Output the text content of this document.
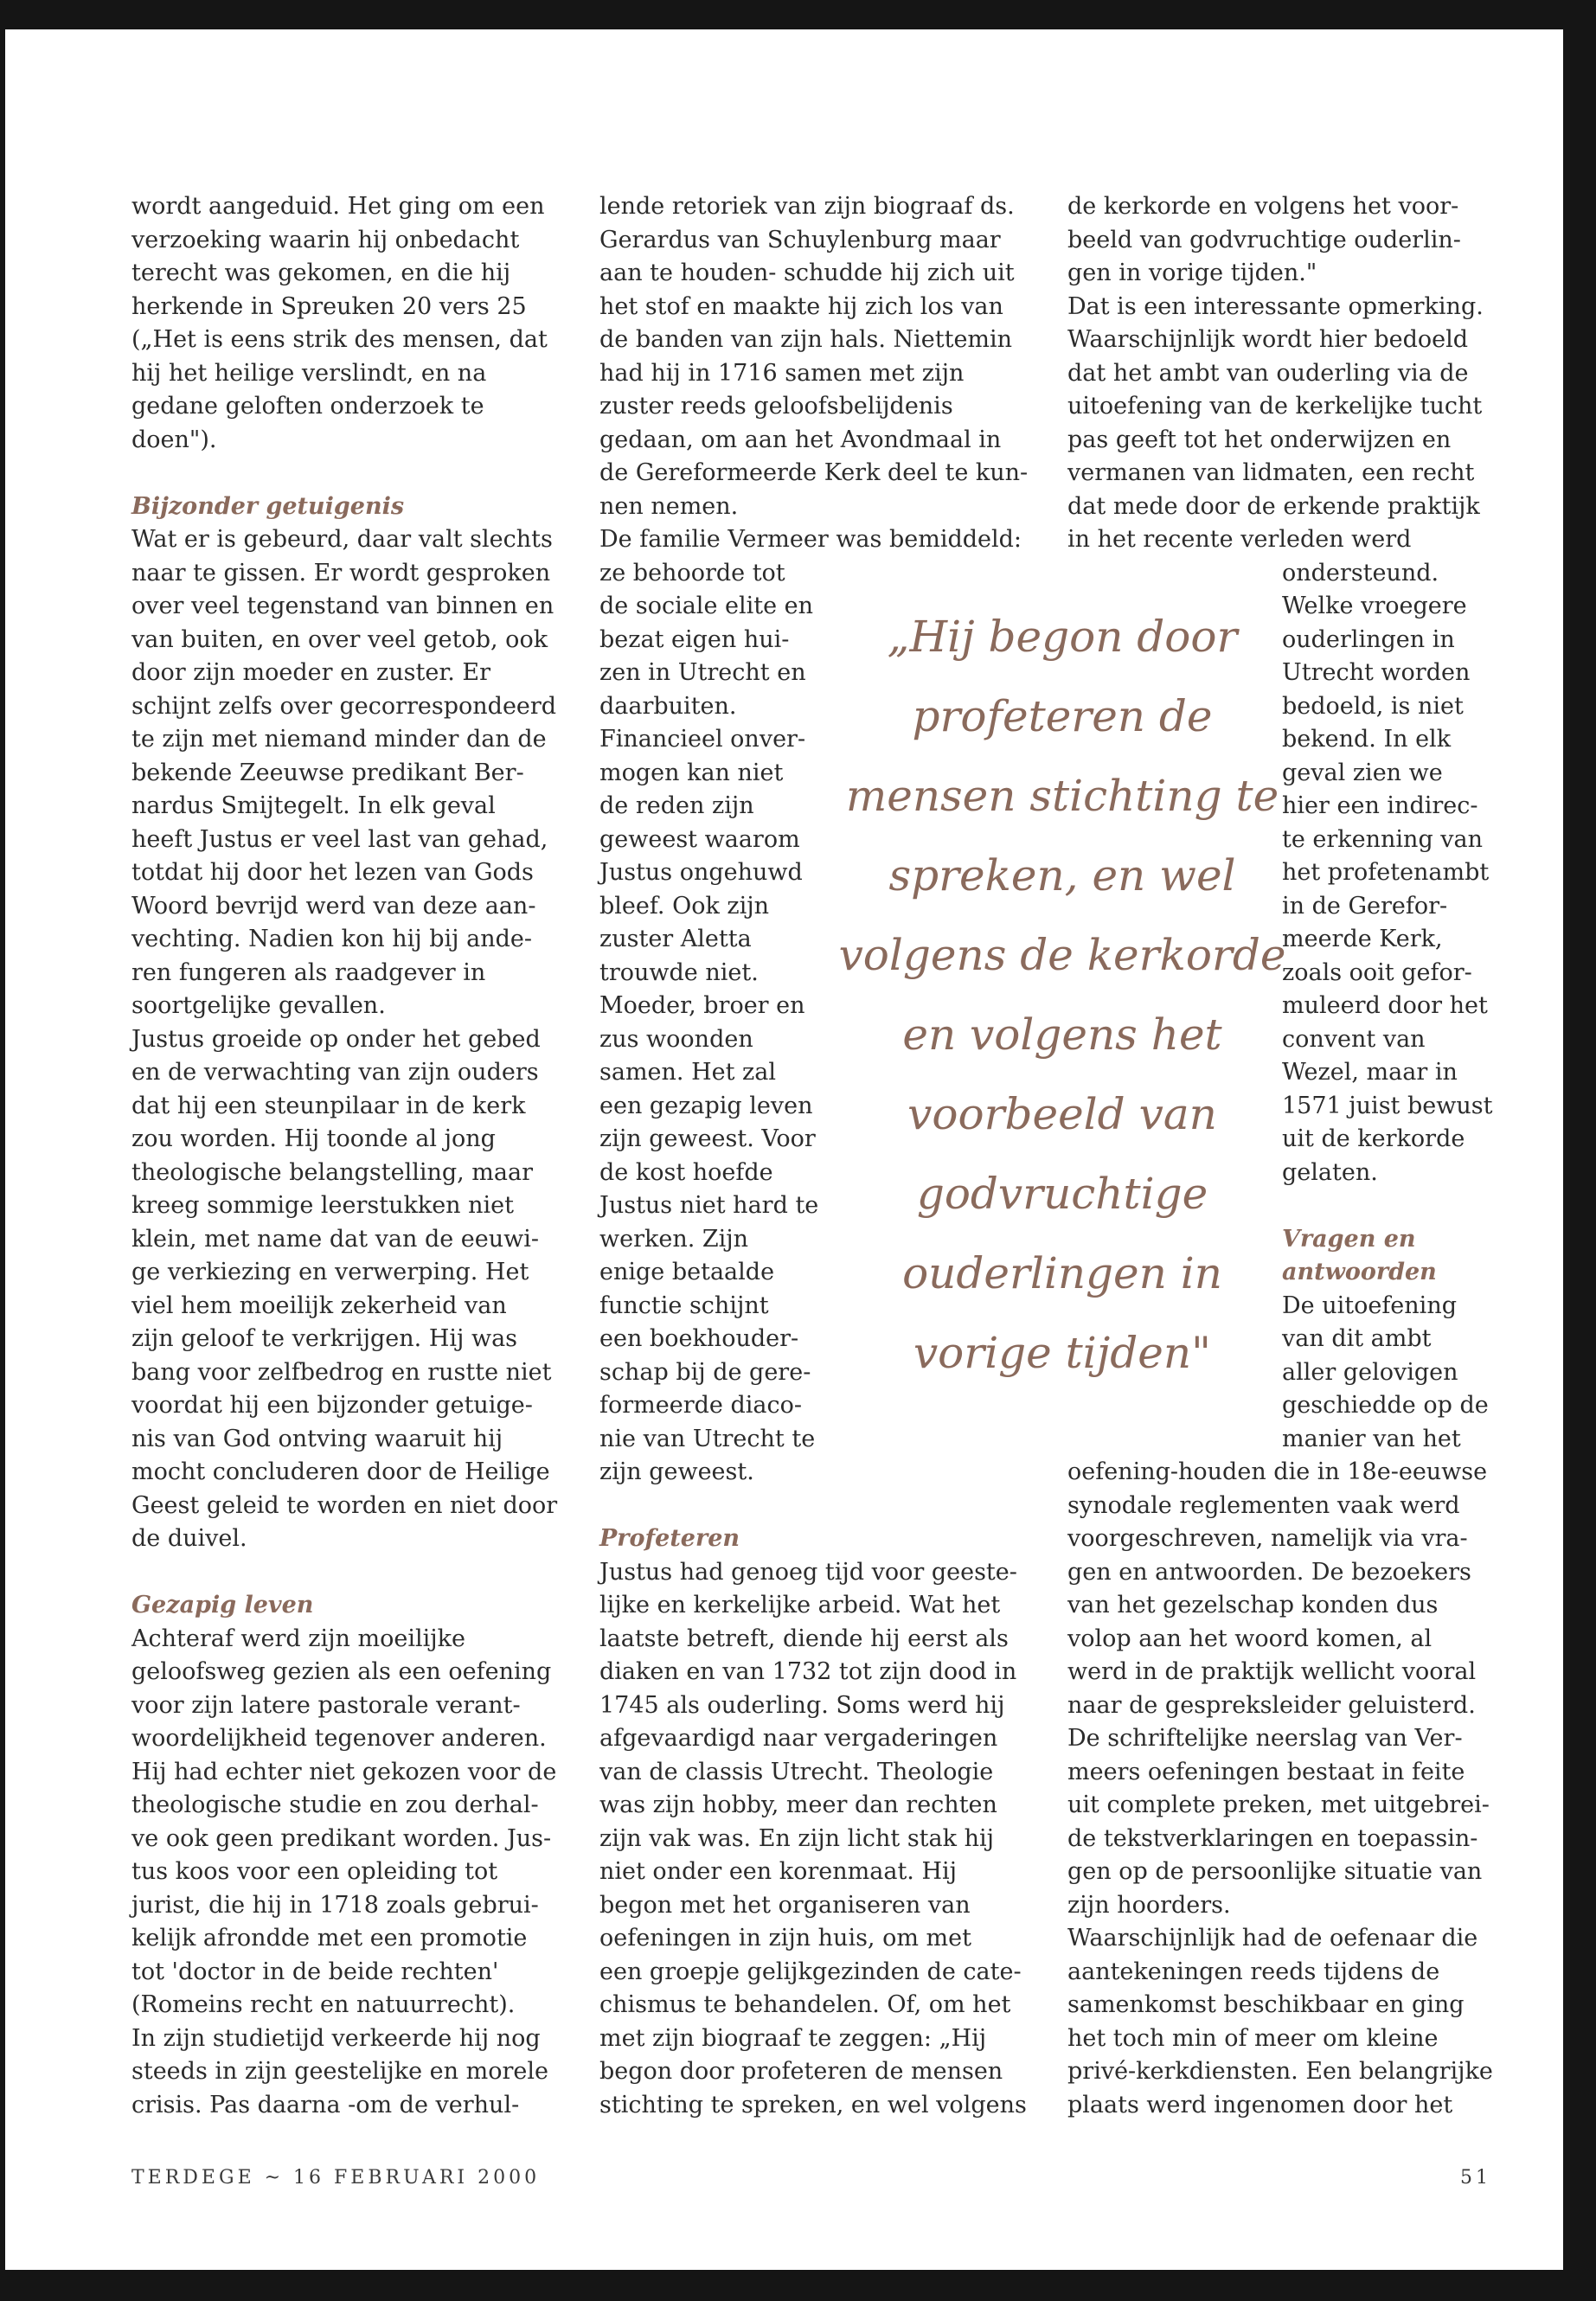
wordt aangeduid. Het ging om een
verzoeking waarin hij onbedacht
terecht was gekomen, en die hij
herkende in Spreuken 20 vers 25
(„Het is eens strik des mensen, dat
hij het heilige verslindt, en na
gedane geloften onderzoek te
doen").
Bijzonder getuigenis
Wat er is gebeurd, daar valt slechts
naar te gissen. Er wordt gesproken
over veel tegenstand van binnen en
van buiten, en over veel getob, ook
door zijn moeder en zuster. Er
schijnt zelfs over gecorrespondeerd
te zijn met niemand minder dan de
bekende Zeeuwse predikant Ber-
nardus Smijtegelt. In elk geval
heeft Justus er veel last van gehad,
totdat hij door het lezen van Gods
Woord bevrijd werd van deze aan-
vechting. Nadien kon hij bij ande-
ren fungeren als raadgever in
soortgelijke gevallen.
Justus groeide op onder het gebed
en de verwachting van zijn ouders
dat hij een steunpilaar in de kerk
zou worden. Hij toonde al jong
theologische belangstelling, maar
kreeg sommige leerstukken niet
klein, met name dat van de eeuwi-
ge verkiezing en verwerping. Het
viel hem moeilijk zekerheid van
zijn geloof te verkrijgen. Hij was
bang voor zelfbedrog en rustte niet
voordat hij een bijzonder getuige-
nis van God ontving waaruit hij
mocht concluderen door de Heilige
Geest geleid te worden en niet door
de duivel.
Gezapig leven
Achteraf werd zijn moeilijke
geloofsweg gezien als een oefening
voor zijn latere pastorale verant-
woordelijkheid tegenover anderen.
Hij had echter niet gekozen voor de
theologische studie en zou derhal-
ve ook geen predikant worden. Jus-
tus koos voor een opleiding tot
jurist, die hij in 1718 zoals gebrui-
kelijk afrondde met een promotie
tot 'doctor in de beide rechten'
(Romeins recht en natuurrecht).
In zijn studietijd verkeerde hij nog
steeds in zijn geestelijke en morele
crisis. Pas daarna -om de verhul-
lende retoriek van zijn biograaf ds.
Gerardus van Schuylenburg maar
aan te houden- schudde hij zich uit
het stof en maakte hij zich los van
de banden van zijn hals. Niettemin
had hij in 1716 samen met zijn
zuster reeds geloofsbelijdenis
gedaan, om aan het Avondmaal in
de Gereformeerde Kerk deel te kun-
nen nemen.
De familie Vermeer was bemiddeld:
ze behoorde tot
de sociale elite en
bezat eigen hui-
zen in Utrecht en
daarbuiten.
Financieel onver-
mogen kan niet
de reden zijn
geweest waarom
Justus ongehuwd
bleef. Ook zijn
zuster Aletta
trouwde niet.
Moeder, broer en
zus woonden
samen. Het zal
een gezapig leven
zijn geweest. Voor
de kost hoefde
Justus niet hard te
werken. Zijn
enige betaalde
functie schijnt
een boekhouder-
schap bij de gere-
formeerde diaco-
nie van Utrecht te
zijn geweest.
Profeteren
Justus had genoeg tijd voor geeste-
lijke en kerkelijke arbeid. Wat het
laatste betreft, diende hij eerst als
diaken en van 1732 tot zijn dood in
1745 als ouderling. Soms werd hij
afgevaardigd naar vergaderingen
van de classis Utrecht. Theologie
was zijn hobby, meer dan rechten
zijn vak was. En zijn licht stak hij
niet onder een korenmaat. Hij
begon met het organiseren van
oefeningen in zijn huis, om met
een groepje gelijkgezinden de cate-
chismus te behandelen. Of, om het
met zijn biograaf te zeggen: „Hij
begon door profeteren de mensen
stichting te spreken, en wel volgens
„Hij begon door
profeteren de
mensen stichting te
spreken, en wel
volgens de kerkorde
en volgens het
voorbeeld van
godvruchtige
ouderlingen in
vorige tijden"
de kerkorde en volgens het voor-
beeld van godvruchtige ouderlin-
gen in vorige tijden."
Dat is een interessante opmerking.
Waarschijnlijk wordt hier bedoeld
dat het ambt van ouderling via de
uitoefening van de kerkelijke tucht
pas geeft tot het onderwijzen en
vermanen van lidmaten, een recht
dat mede door de erkende praktijk
in het recente verleden werd
ondersteund.
Welke vroegere
ouderlingen in
Utrecht worden
bedoeld, is niet
bekend. In elk
geval zien we
hier een indirec-
te erkenning van
het profetenambt
in de Gerefor-
meerde Kerk,
zoals ooit gefor-
muleerd door het
convent van
Wezel, maar in
1571 juist bewust
uit de kerkorde
gelaten.
Vragen en
antwoorden
De uitoefening
van dit ambt
aller gelovigen
geschiedde op de
manier van het
oefening-houden die in 18e-eeuwse
synodale reglementen vaak werd
voorgeschreven, namelijk via vra-
gen en antwoorden. De bezoekers
van het gezelschap konden dus
volop aan het woord komen, al
werd in de praktijk wellicht vooral
naar de gespreksleider geluisterd.
De schriftelijke neerslag van Ver-
meers oefeningen bestaat in feite
uit complete preken, met uitgebrei-
de tekstverklaringen en toepassin-
gen op de persoonlijke situatie van
zijn hoorders.
Waarschijnlijk had de oefenaar die
aantekeningen reeds tijdens de
samenkomst beschikbaar en ging
het toch min of meer om kleine
privé-kerkdiensten. Een belangrijke
plaats werd ingenomen door het
TERDEGE ~ 16 FEBRUARI 2000	51
